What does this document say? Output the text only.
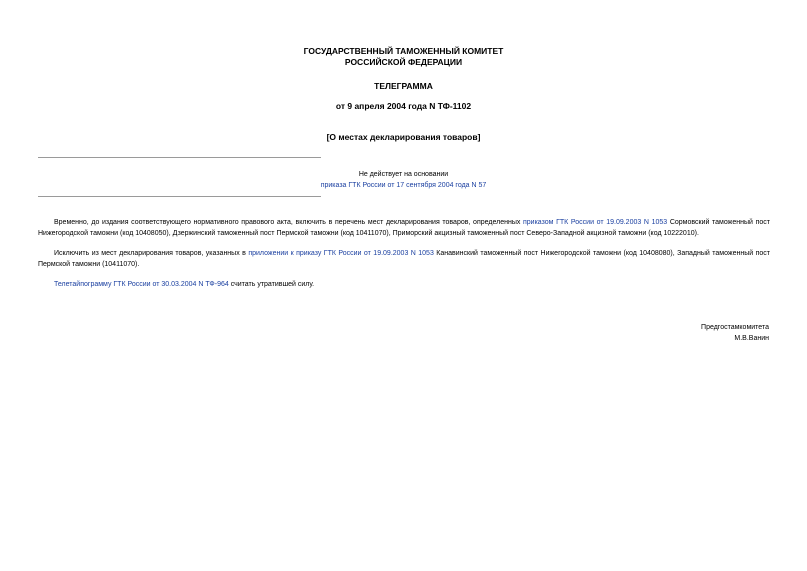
ГОСУДАРСТВЕННЫЙ ТАМОЖЕННЫЙ КОМИТЕТ
РОССИЙСКОЙ ФЕДЕРАЦИИ
ТЕЛЕГРАММА
от 9 апреля 2004 года N ТФ-1102
[О местах декларирования товаров]
Не действует на основании
приказа ГТК России от 17 сентября 2004 года N 57
Временно, до издания соответствующего нормативного правового акта, включить в перечень мест декларирования товаров, определенных приказом ГТК России от 19.09.2003 N 1053 Сормовский таможенный пост Нижегородской таможни (код 10408050), Дзержинский таможенный пост Пермской таможни (код 10411070), Приморский акцизный таможенный пост Северо-Западной акцизной таможни (код 10222010).
Исключить из мест декларирования товаров, указанных в приложении к приказу ГТК России от 19.09.2003 N 1053 Канавинский таможенный пост Нижегородской таможни (код 10408080), Западный таможенный пост Пермской таможни (10411070).
Телетайпограмму ГТК России от 30.03.2004 N ТФ-964 считать утратившей силу.
Предгостамкомитета
М.В.Ванин
